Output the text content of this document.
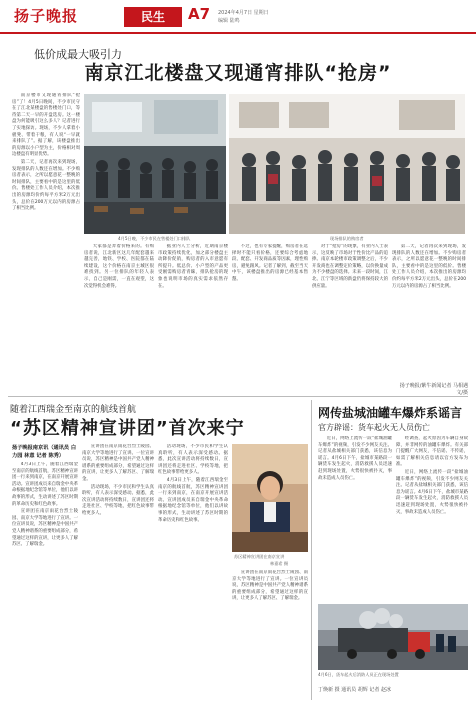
扬子晚报	民生	A7 2024年4月7日 星期日
编辑 陆鸣
低价成最大吸引力
南京江北楼盘又现通宵排队“抢房”

南京楼市又现通宵排队“抢房”了！4月5日晚间，不少市民守在了江北某楼盘的售楼处门口，等待第二天一早的开盘选房。这一楼盘为何能吸引这么多人？记者进行了实地探访。现场，不少人拿着小板凳、带着干粮，有人说“一早就来排队了”。据了解，该楼盘推出的房源以小户型为主，价格相对周边楼盘有明显优势。

第二天，记者再次来到现场，发现排队的人数还在增加。不少购房者表示，之所以愿意花一整晚的时间排队，主要看中的是这里的低价。售楼处工作人员介绍，本次推出的房源均价约每平方米2万元出头，总价在200万元以内的房源占了相当比例。

4月5日晚，不少市民在售楼处门口排队	现场排队的购房者

大家都是奔着价格来的。有购房者说，江北新区这几年配套越来越完善，地铁、学校、医院都在陆续建设，这个价格在南京主城区很难找到。另一位排队的年轻人表示，自己是刚需，一直在观望，这次觉得机会难得。

据业内人士分析，近期南京楼市政策持续优化，加之部分楼盘主动降价促销，购房者的入市意愿有所提升。低总价、小户型的产品更受刚需购房者青睐，排队抢房的现象也说明市场的真实需求依然存在。

不过，也有专家提醒，购房者在选择时不能只看价格，还要综合考虑地段、配套、开发商品质等因素，理性购房，避免跟风。记者了解到，截至当天中午，该楼盘推出的房源已经基本售罄。

对于“抢房”的现象，有业内人士表示，这反映了市场对于性价比产品的追捧。南京本轮楼市政策调整之后，不少开发商也在调整定价策略，以价换量成为不少楼盘的选择。未来一段时间，江北、江宁等区域的新盘仍将保持较大的供应量。

第二天，记者再次来到现场，发现排队的人数还在增加。不少购房者表示，之所以愿意花一整晚的时间排队，主要看中的是这里的低价。售楼处工作人员介绍，本次推出的房源均价约每平方米2万元出头，总价在200万元以内的房源占了相当比例。

扬子晚报/紫牛新闻记者 马相遇 文/摄
随着江西瑞金至南京的航线首航
“苏区精神宣讲团”首次来宁
扬子晚报南京讯（通讯员 白力园 林意 记者 陈秀）

4月3日上午，随着江西瑞金至南京的航线首航，苏区精神宣讲团一行来到南京，在南京开展宣讲活动。宣讲团成员来自瑞金中央革命根据地纪念馆等单位，他们以讲故事的形式，生动讲述了苏区时期的革命历史和红色故事。

宣讲团在南京雨花台烈士陵园、南京大学等地进行了宣讲。一位宣讲员说，苏区精神是中国共产党人精神谱系的重要组成部分，希望通过这样的宣讲，让更多人了解苏区、了解瑞金。

宣讲团在南京雨花台烈士陵园、南京大学等地进行了宣讲。一位宣讲员说，苏区精神是中国共产党人精神谱系的重要组成部分，希望通过这样的宣讲，让更多人了解苏区、了解瑞金。

活动现场，不少市民和学生认真聆听，有人表示深受感动。据悉，此次宣讲活动将持续数日，宣讲团还将走进社区、学校等地，把红色故事带给更多人。

活动现场，不少市民和学生认真聆听，有人表示深受感动。据悉，此次宣讲活动将持续数日，宣讲团还将走进社区、学校等地，把红色故事带给更多人。

4月3日上午，随着江西瑞金至南京的航线首航，苏区精神宣讲团一行来到南京，在南京开展宣讲活动。宣讲团成员来自瑞金中央革命根据地纪念馆等单位，他们以讲故事的形式，生动讲述了苏区时期的革命历史和红色故事。

苏区精神宣讲团在南京宣讲
林嘉希 摄

宣讲团在南京雨花台烈士陵园、南京大学等地进行了宣讲。一位宣讲员说，苏区精神是中国共产党人精神谱系的重要组成部分，希望通过这样的宣讲，让更多人了解苏区、了解瑞金。

网传盐城油罐车爆炸系谣言
官方辟谣：货车起火无人员伤亡

近日，网络上流传一段“盐城油罐车爆炸”的视频，引发不少网友关注。记者从盐城相关部门获悉，该信息为谣言。4月6日下午，盐城市某路段一辆货车发生起火，消防救援人员迅速赶到现场处置，火势很快被扑灭，事故未造成人员伤亡。

经调查，起火原因为车辆自身故障，并非网传的油罐车爆炸。有关部门提醒广大网友，不信谣、不传谣，如需了解相关信息请以官方发布为准。

近日，网络上流传一段“盐城油罐车爆炸”的视频，引发不少网友关注。记者从盐城相关部门获悉，该信息为谣言。4月6日下午，盐城市某路段一辆货车发生起火，消防救援人员迅速赶到现场处置，火势很快被扑灭，事故未造成人员伤亡。

4月6日，货车起火后消防人员正在现场处置
丁焕新 摄 通讯员 胡辉 记者 赵冰
